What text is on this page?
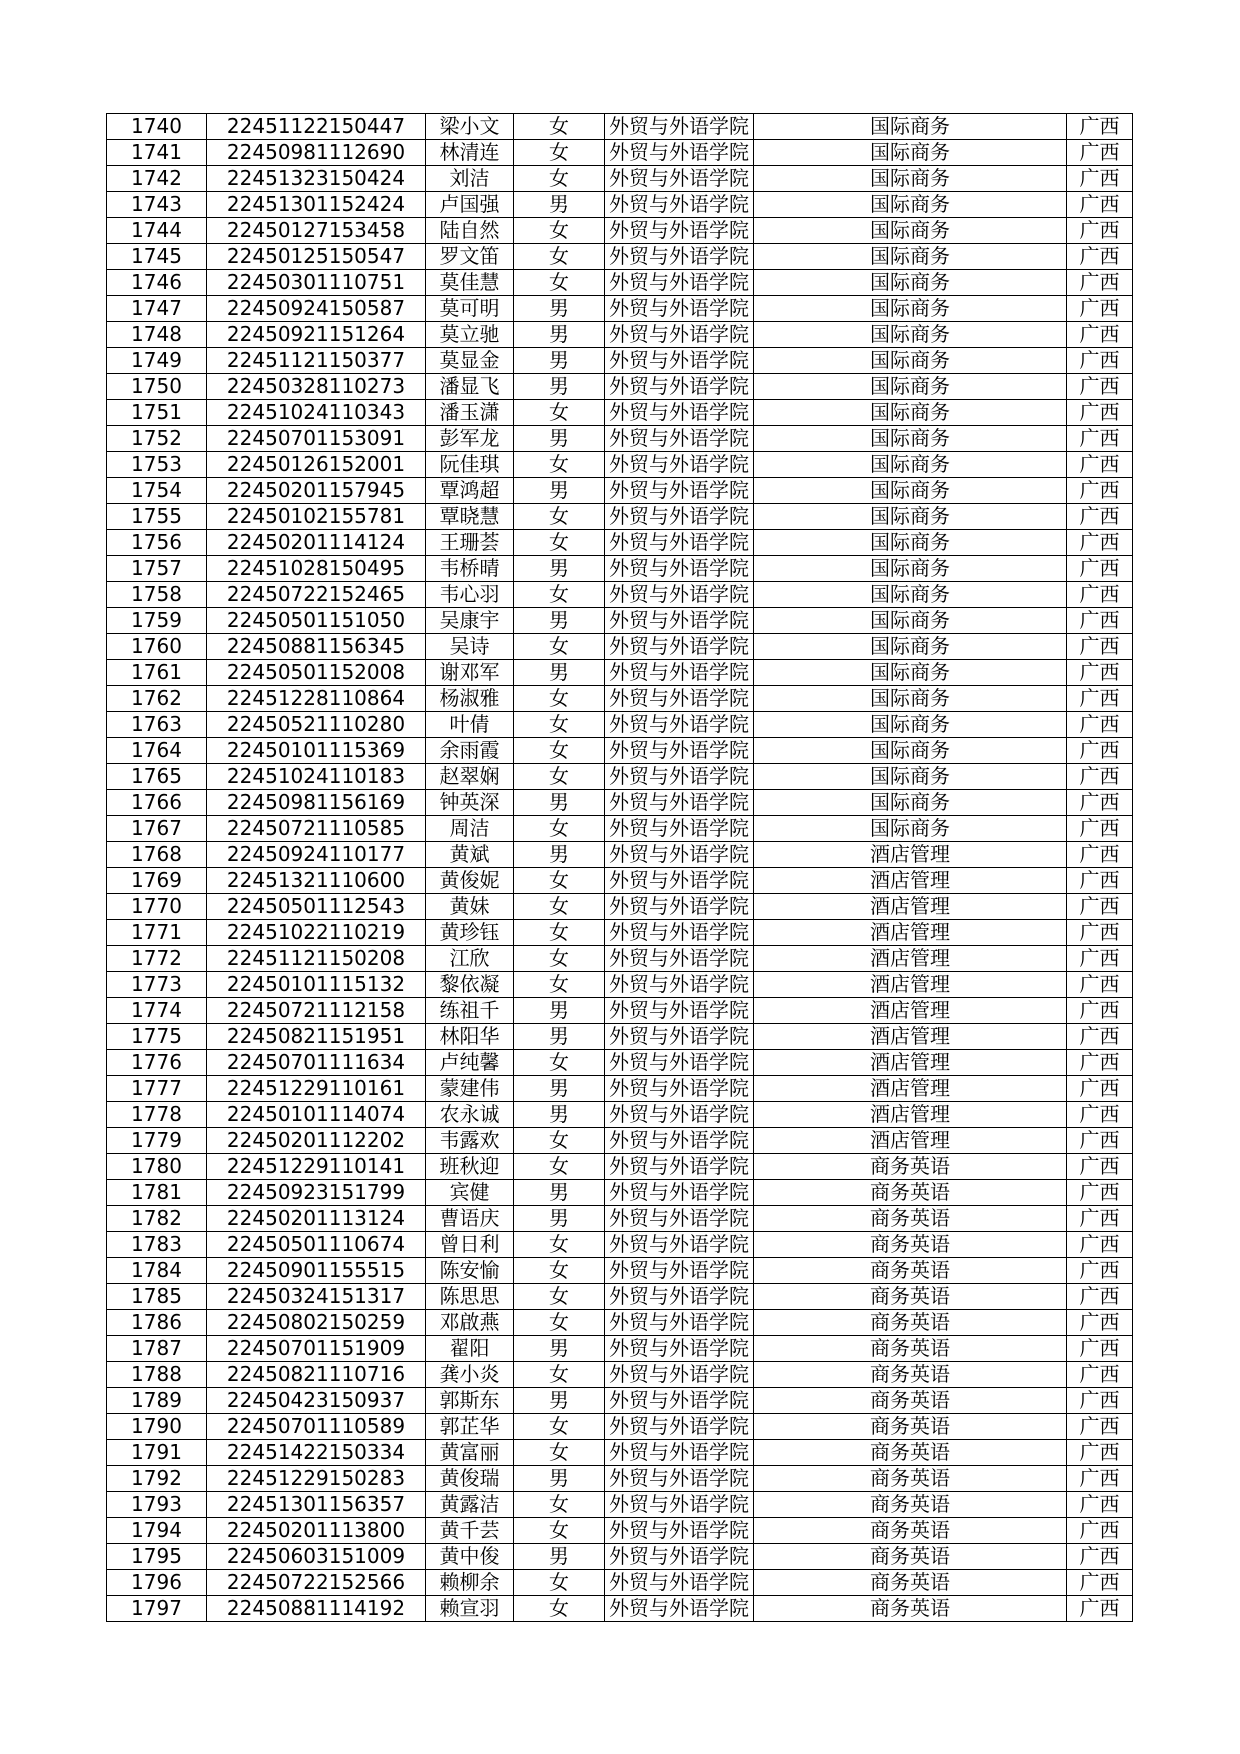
1740	22451122150447	梁小文	女	外贸与外语学院	国际商务	广西
1741	22450981112690	林清连	女	外贸与外语学院	国际商务	广西
1742	22451323150424	刘洁	女	外贸与外语学院	国际商务	广西
1743	22451301152424	卢国强	男	外贸与外语学院	国际商务	广西
1744	22450127153458	陆自然	女	外贸与外语学院	国际商务	广西
1745	22450125150547	罗文笛	女	外贸与外语学院	国际商务	广西
1746	22450301110751	莫佳慧	女	外贸与外语学院	国际商务	广西
1747	22450924150587	莫可明	男	外贸与外语学院	国际商务	广西
1748	22450921151264	莫立驰	男	外贸与外语学院	国际商务	广西
1749	22451121150377	莫显金	男	外贸与外语学院	国际商务	广西
1750	22450328110273	潘显飞	男	外贸与外语学院	国际商务	广西
1751	22451024110343	潘玉潇	女	外贸与外语学院	国际商务	广西
1752	22450701153091	彭军龙	男	外贸与外语学院	国际商务	广西
1753	22450126152001	阮佳琪	女	外贸与外语学院	国际商务	广西
1754	22450201157945	覃鸿超	男	外贸与外语学院	国际商务	广西
1755	22450102155781	覃晓慧	女	外贸与外语学院	国际商务	广西
1756	22450201114124	王珊荟	女	外贸与外语学院	国际商务	广西
1757	22451028150495	韦桥晴	男	外贸与外语学院	国际商务	广西
1758	22450722152465	韦心羽	女	外贸与外语学院	国际商务	广西
1759	22450501151050	吴康宇	男	外贸与外语学院	国际商务	广西
1760	22450881156345	吴诗	女	外贸与外语学院	国际商务	广西
1761	22450501152008	谢邓军	男	外贸与外语学院	国际商务	广西
1762	22451228110864	杨淑雅	女	外贸与外语学院	国际商务	广西
1763	22450521110280	叶倩	女	外贸与外语学院	国际商务	广西
1764	22450101115369	余雨霞	女	外贸与外语学院	国际商务	广西
1765	22451024110183	赵翠娴	女	外贸与外语学院	国际商务	广西
1766	22450981156169	钟英深	男	外贸与外语学院	国际商务	广西
1767	22450721110585	周洁	女	外贸与外语学院	国际商务	广西
1768	22450924110177	黄斌	男	外贸与外语学院	酒店管理	广西
1769	22451321110600	黄俊妮	女	外贸与外语学院	酒店管理	广西
1770	22450501112543	黄妹	女	外贸与外语学院	酒店管理	广西
1771	22451022110219	黄珍钰	女	外贸与外语学院	酒店管理	广西
1772	22451121150208	江欣	女	外贸与外语学院	酒店管理	广西
1773	22450101115132	黎依凝	女	外贸与外语学院	酒店管理	广西
1774	22450721112158	练祖千	男	外贸与外语学院	酒店管理	广西
1775	22450821151951	林阳华	男	外贸与外语学院	酒店管理	广西
1776	22450701111634	卢纯馨	女	外贸与外语学院	酒店管理	广西
1777	22451229110161	蒙建伟	男	外贸与外语学院	酒店管理	广西
1778	22450101114074	农永诚	男	外贸与外语学院	酒店管理	广西
1779	22450201112202	韦露欢	女	外贸与外语学院	酒店管理	广西
1780	22451229110141	班秋迎	女	外贸与外语学院	商务英语	广西
1781	22450923151799	宾健	男	外贸与外语学院	商务英语	广西
1782	22450201113124	曹语庆	男	外贸与外语学院	商务英语	广西
1783	22450501110674	曾日利	女	外贸与外语学院	商务英语	广西
1784	22450901155515	陈安愉	女	外贸与外语学院	商务英语	广西
1785	22450324151317	陈思思	女	外贸与外语学院	商务英语	广西
1786	22450802150259	邓啟燕	女	外贸与外语学院	商务英语	广西
1787	22450701151909	翟阳	男	外贸与外语学院	商务英语	广西
1788	22450821110716	龚小炎	女	外贸与外语学院	商务英语	广西
1789	22450423150937	郭斯东	男	外贸与外语学院	商务英语	广西
1790	22450701110589	郭芷华	女	外贸与外语学院	商务英语	广西
1791	22451422150334	黄富丽	女	外贸与外语学院	商务英语	广西
1792	22451229150283	黄俊瑞	男	外贸与外语学院	商务英语	广西
1793	22451301156357	黄露洁	女	外贸与外语学院	商务英语	广西
1794	22450201113800	黄千芸	女	外贸与外语学院	商务英语	广西
1795	22450603151009	黄中俊	男	外贸与外语学院	商务英语	广西
1796	22450722152566	赖柳余	女	外贸与外语学院	商务英语	广西
1797	22450881114192	赖宣羽	女	外贸与外语学院	商务英语	广西
